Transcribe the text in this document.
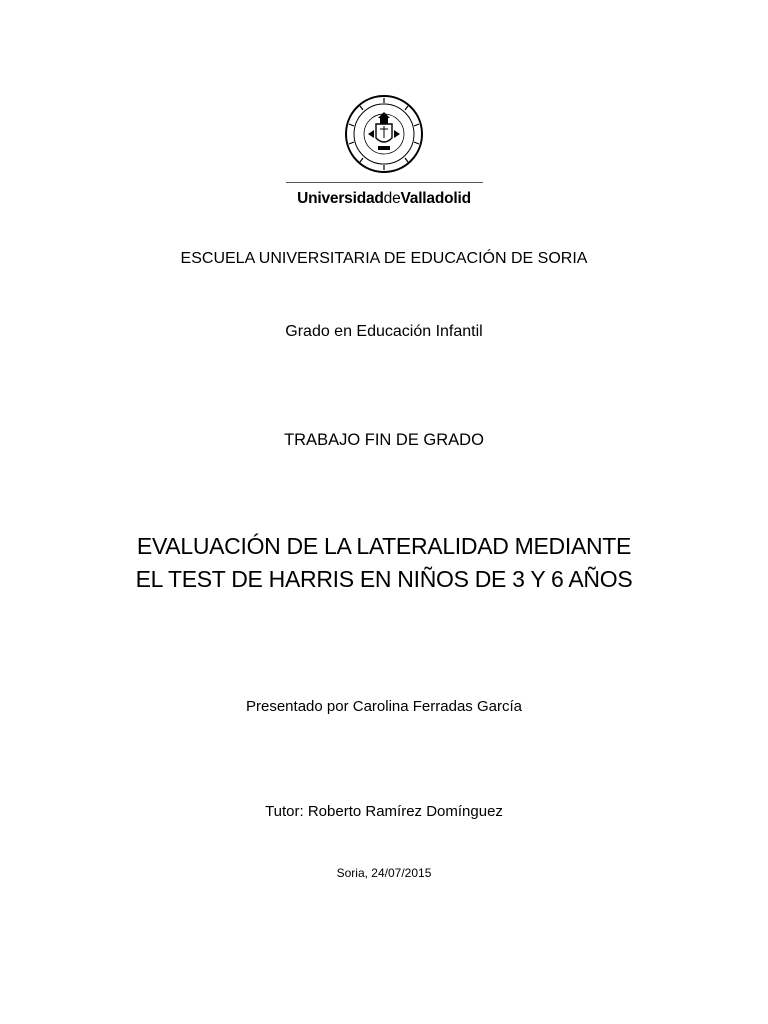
UniversidaddeValladolid
ESCUELA UNIVERSITARIA DE EDUCACIÓN DE SORIA
Grado en Educación Infantil
TRABAJO FIN DE GRADO
EVALUACIÓN DE LA LATERALIDAD MEDIANTE
EL TEST DE HARRIS EN NIÑOS DE 3 Y 6 AÑOS
Presentado por Carolina Ferradas García
Tutor: Roberto Ramírez Domínguez
Soria, 24/07/2015
